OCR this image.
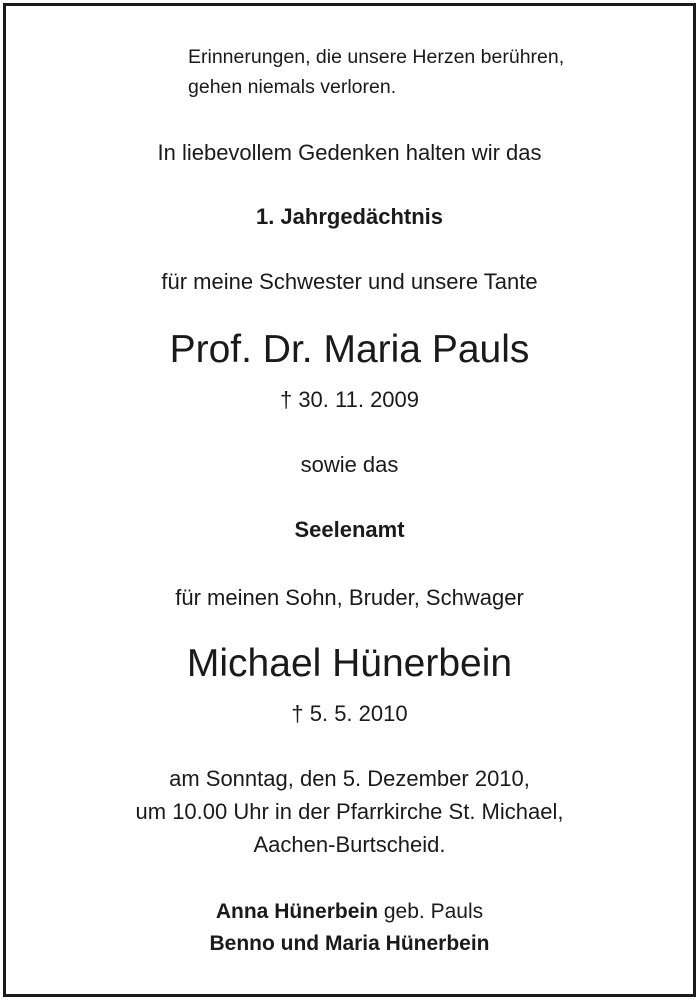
Erinnerungen, die unsere Herzen berühren,
gehen niemals verloren.
In liebevollem Gedenken halten wir das
1. Jahrgedächtnis
für meine Schwester und unsere Tante
Prof. Dr. Maria Pauls
† 30. 11. 2009
sowie das
Seelenamt
für meinen Sohn, Bruder, Schwager
Michael Hünerbein
† 5. 5. 2010
am Sonntag, den 5. Dezember 2010,
um 10.00 Uhr in der Pfarrkirche St. Michael,
Aachen-Burtscheid.
Anna Hünerbein geb. Pauls
Benno und Maria Hünerbein
